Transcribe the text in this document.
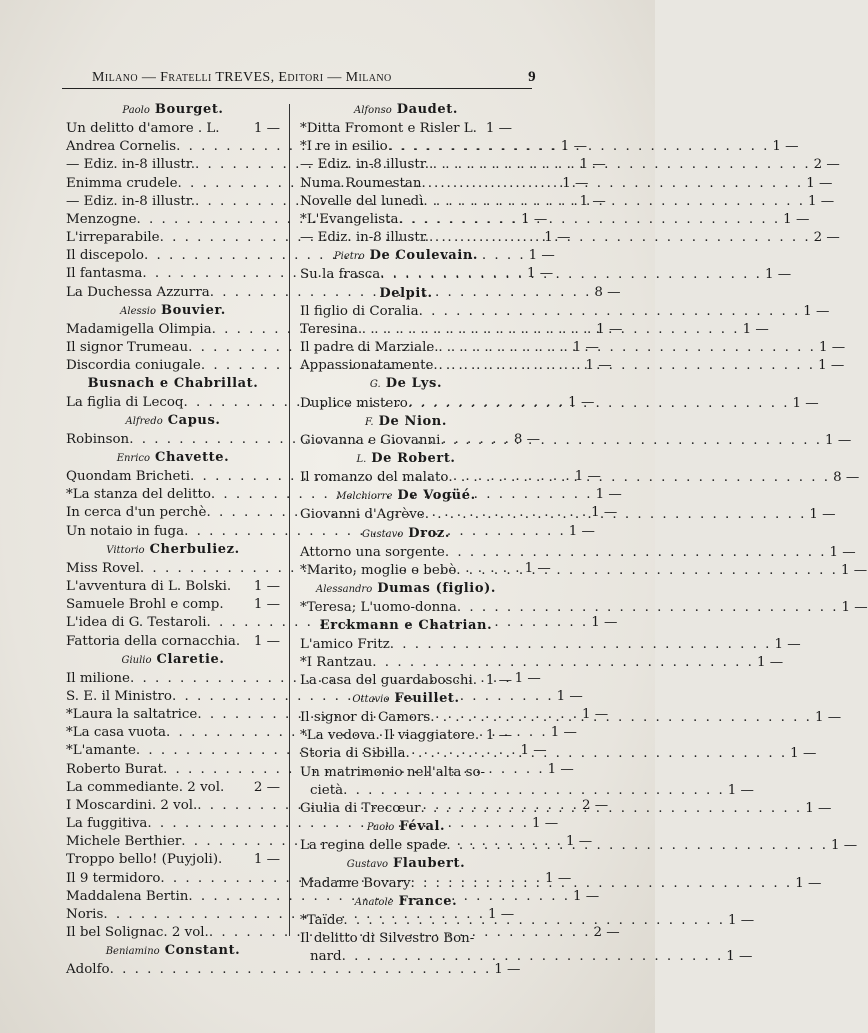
Milano — Fratelli TREVES, Editori — Milano	9
Paolo Bourget.
Un delitto d'amore . L.	1 —
Andrea Cornelis . . .	1 —
— Ediz. in-8 illustr. . . .	1 —
Enimma crudele . . .	1 —
— Ediz. in-8 illustr. . . .	1 —
Menzogne . . .	1 —
L'irreparabile . . .	1 —
Il discepolo . . .	1 —
Il fantasma . . .	1 —
La Duchessa Azzurra . . .	8 —
Alessio Bouvier.
Madamigella Olimpia . . .	1 —
Il signor Trumeau . . .	1 —
Discordia coniugale . . .	1 —
Busnach e Chabrillat.
La figlia di Lecoq . . .	1 —
Alfredo Capus.
Robinson . . .	8 —
Enrico Chavette.
Quondam Bricheti . . .	1 —
*La stanza del delitto . . .	1 —
In cerca d'un perchè . . .	1 —
Un notaio in fuga . . .	1 —
Vittorio Cherbuliez.
Miss Rovel . . .	1 —
L'avventura di L. Bolski. 1 —
Samuele Brohl e comp. 1 —
L'idea di G. Testaroli . . .	1 —
Fattoria della cornacchia. 1 —
Giulio Claretie.
Il milione . . .	1 —
S. E. il Ministro . . .	1 —
*Laura la saltatrice . . .	1 —
*La casa vuota . . .	1 —
*L'amante . . .	1 —
Roberto Burat . . .	1 —
La commediante. 2 vol. 2 —
I Moscardini. 2 vol. . . .	2 —
La fuggitiva . . .	1 —
Michele Berthier . . .	1 —
Troppo bello! (Puyjoli). 1 —
Il 9 termidoro . . .	1 —
Maddalena Bertin . . .	1 —
Noris . . .	1 —
Il bel Solignac. 2 vol. . . .	2 —
Beniamino Constant.
Adolfo . . .	1 —
Alfonso Daudet.
*Ditta Fromont e Risler L. 1 —
*I re in esilio . . .	1 —
— Ediz. in-8 illustr. . . .	2 —
Numa Roumestan . . .	1 —
Novelle del lunedì . . .	1 —
*L'Evangelista . . .	1 —
— Ediz. in-8 illustr. . . .	2 —
Pietro De Coulevain.
Su la frasca . . .	1 —
Delpit.
Il figlio di Coralia . . .	1 —
Teresina . . .	1 —
Il padre di Marziale . . .	1 —
Appassionatamente . . .	1 —
G. De Lys.
Duplice mistero . . .	1 —
F. De Nion.
Giovanna e Giovanni . . .	1 —
L. De Robert.
Il romanzo del malato . . .	8 —
Melchiorre De Vogüé.
Giovanni d'Agrève . . .	1 —
Gustavo Droz.
Attorno una sorgente . . .	1 —
*Marito, moglie e bebè . . .	1 —
Alessandro Dumas (figlio).
*Teresa; L'uomo-donna . . .	1 —
Erckmann e Chatrian.
L'amico Fritz . . .	1 —
*I Rantzau . . .	1 —
La casa del guardaboschi. 1 —
Ottavio Feuillet.
Il signor di Camors . . .	1 —
*La vedova. Il viaggiatore. 1 —
Storia di Sibilla . . .	1 —
Un matrimonio nell'alta so-
cietà . . .	1 —
Giulia di Trecœur . . .	1 —
Paolo Féval.
La regina delle spade . . .	1 —
Gustavo Flaubert.
Madame Bovary . . .	1 —
Anatole France.
*Taïde . . .	1 —
Il delitto di Silvestro Bon-
nard . . .	1 —
